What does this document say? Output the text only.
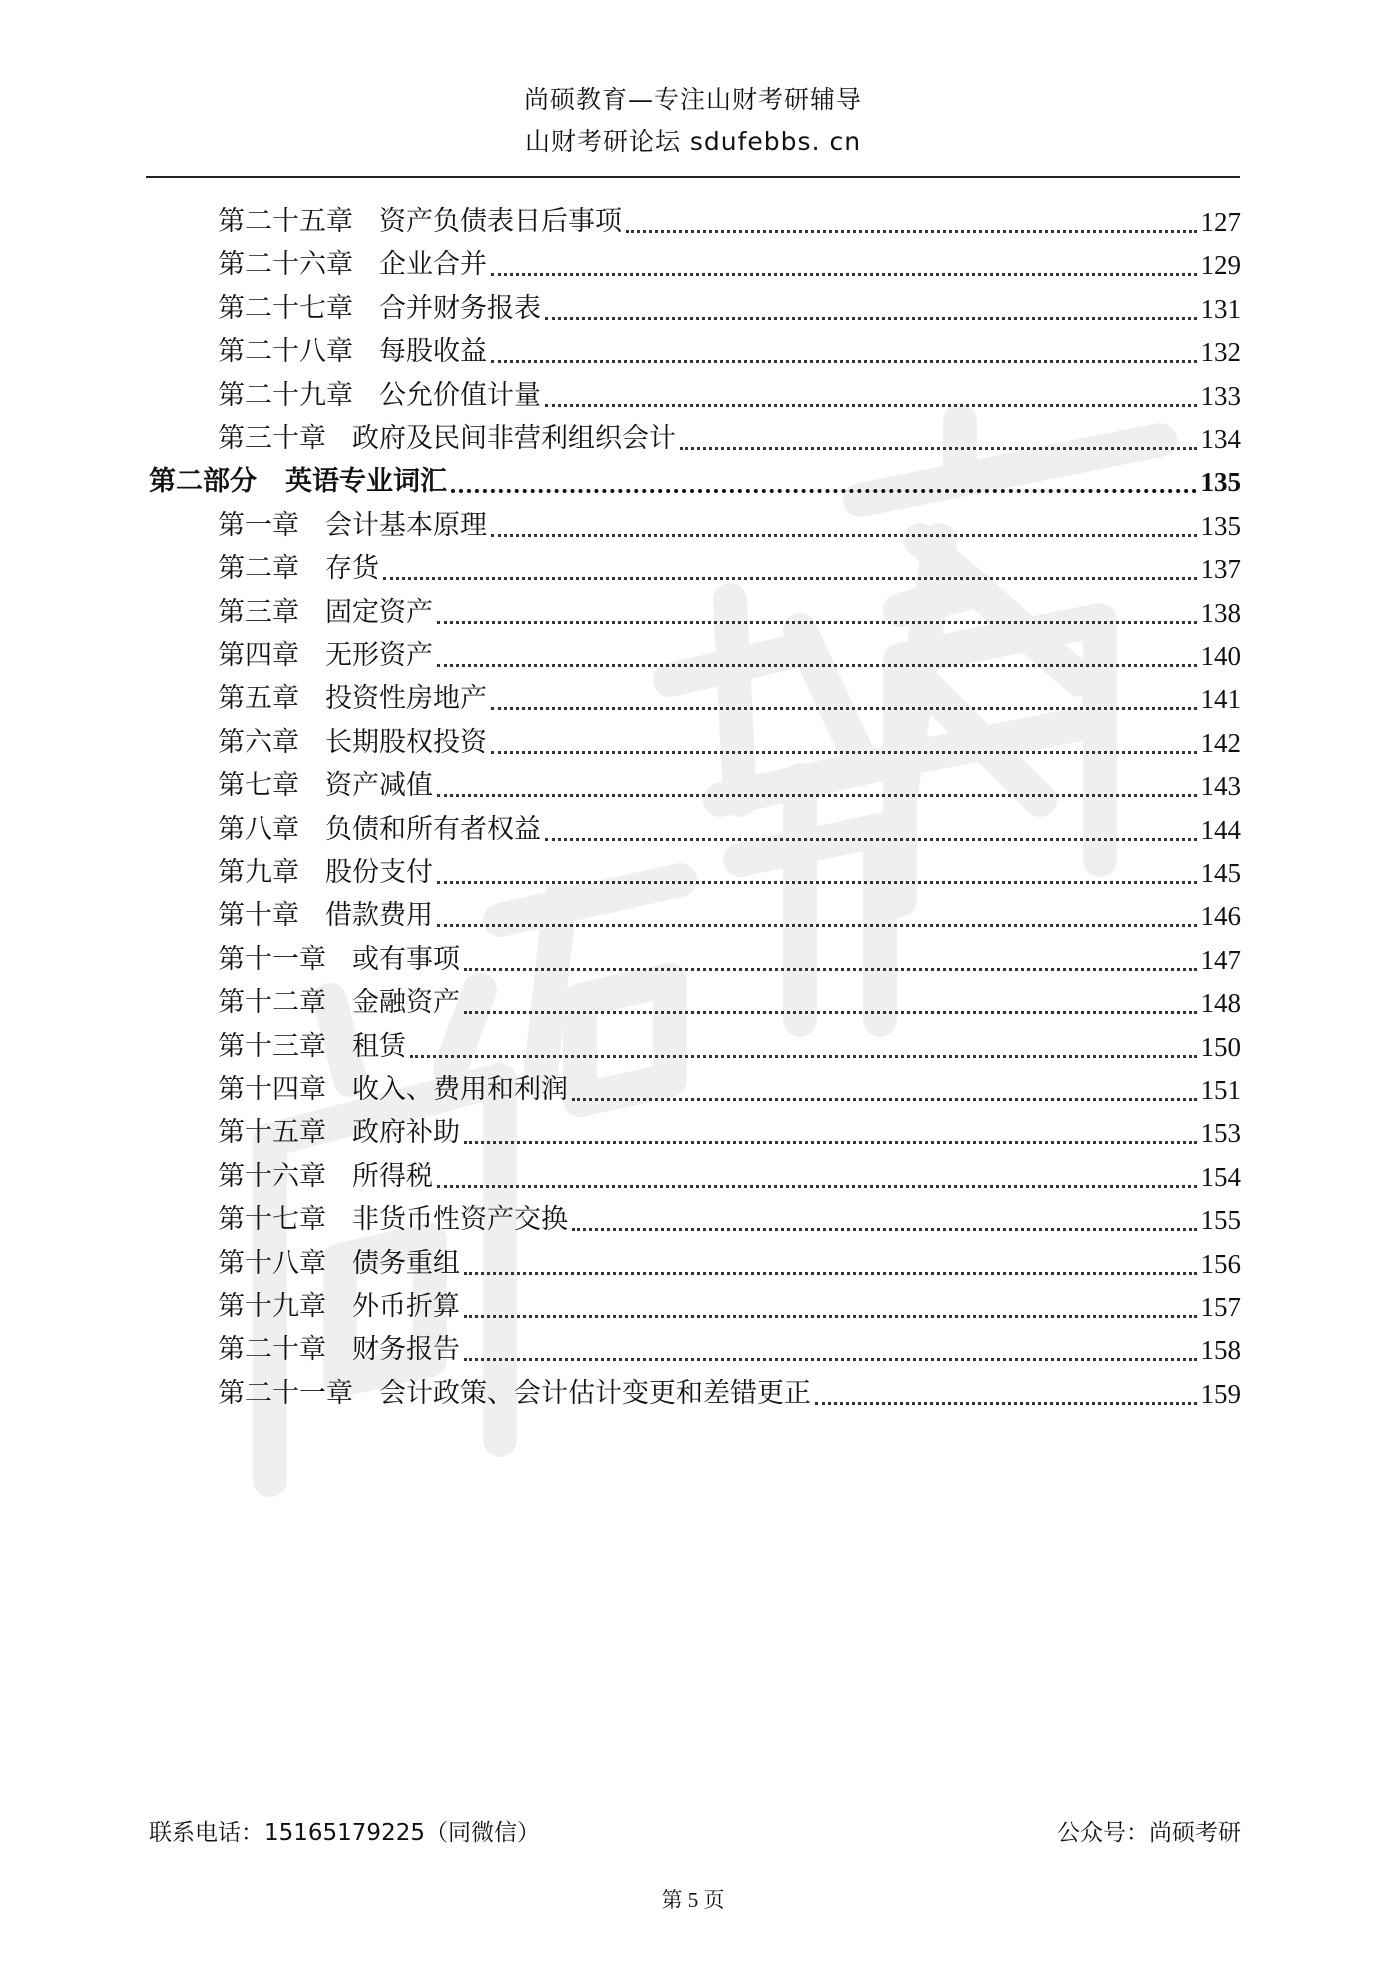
尚硕教育—专注山财考研辅导
山财考研论坛 sdufebbs. cn
第二十五章 资产负债表日后事项	127
第二十六章 企业合并	129
第二十七章 合并财务报表	131
第二十八章 每股收益	132
第二十九章 公允价值计量	133
第三十章 政府及民间非营利组织会计	134
第二部分 英语专业词汇	135
第一章 会计基本原理	135
第二章 存货	137
第三章 固定资产	138
第四章 无形资产	140
第五章 投资性房地产	141
第六章 长期股权投资	142
第七章 资产减值	143
第八章 负债和所有者权益	144
第九章 股份支付	145
第十章 借款费用	146
第十一章 或有事项	147
第十二章 金融资产	148
第十三章 租赁	150
第十四章 收入、费用和利润	151
第十五章 政府补助	153
第十六章 所得税	154
第十七章 非货币性资产交换	155
第十八章 债务重组	156
第十九章 外币折算	157
第二十章 财务报告	158
第二十一章 会计政策、会计估计变更和差错更正	159
联系电话：15165179225（同微信）	公众号：尚硕考研
第 5 页
